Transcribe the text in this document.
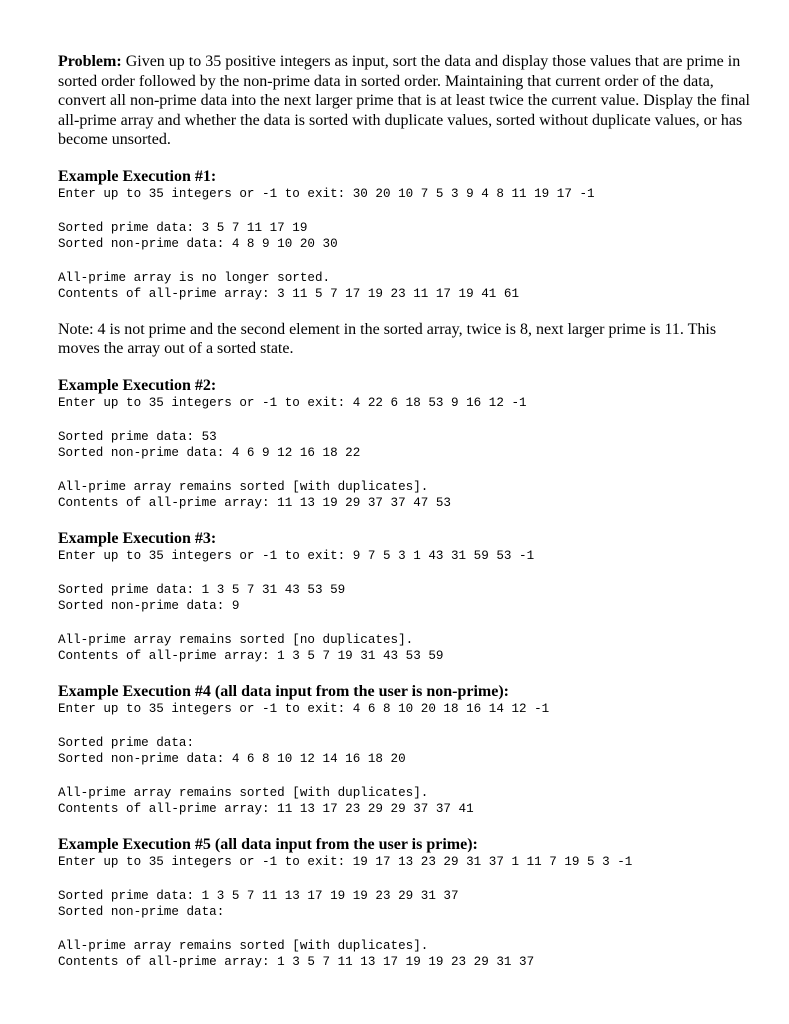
Problem: Given up to 35 positive integers as input, sort the data and display those values that are prime in sorted order followed by the non-prime data in sorted order. Maintaining that current order of the data, convert all non-prime data into the next larger prime that is at least twice the current value. Display the final all-prime array and whether the data is sorted with duplicate values, sorted without duplicate values, or has become unsorted.

Example Execution #1:

Enter up to 35 integers or -1 to exit: 30 20 10 7 5 3 9 4 8 11 19 17 -1
Sorted prime data: 3 5 7 11 17 19
Sorted non-prime data: 4 8 9 10 20 30
All-prime array is no longer sorted.
Contents of all-prime array: 3 11 5 7 17 19 23 11 17 19 41 61

Note: 4 is not prime and the second element in the sorted array, twice is 8, next larger prime is 11. This moves the array out of a sorted state.

Example Execution #2:

Enter up to 35 integers or -1 to exit: 4 22 6 18 53 9 16 12 -1
Sorted prime data: 53
Sorted non-prime data: 4 6 9 12 16 18 22
All-prime array remains sorted [with duplicates].
Contents of all-prime array: 11 13 19 29 37 37 47 53

Example Execution #3:

Enter up to 35 integers or -1 to exit: 9 7 5 3 1 43 31 59 53 -1
Sorted prime data: 1 3 5 7 31 43 53 59
Sorted non-prime data: 9
All-prime array remains sorted [no duplicates].
Contents of all-prime array: 1 3 5 7 19 31 43 53 59

Example Execution #4 (all data input from the user is non-prime):

Enter up to 35 integers or -1 to exit: 4 6 8 10 20 18 16 14 12 -1
Sorted prime data:
Sorted non-prime data: 4 6 8 10 12 14 16 18 20
All-prime array remains sorted [with duplicates].
Contents of all-prime array: 11 13 17 23 29 29 37 37 41

Example Execution #5 (all data input from the user is prime):

Enter up to 35 integers or -1 to exit: 19 17 13 23 29 31 37 1 11 7 19 5 3 -1
Sorted prime data: 1 3 5 7 11 13 17 19 19 23 29 31 37
Sorted non-prime data:
All-prime array remains sorted [with duplicates].
Contents of all-prime array: 1 3 5 7 11 13 17 19 19 23 29 31 37
